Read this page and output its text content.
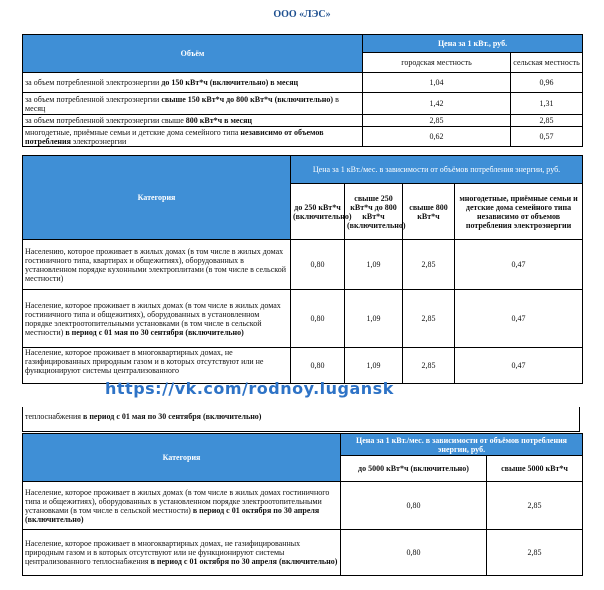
ООО «ЛЭС»
Объём	Цена за 1 кВт., руб.	
	городская местность	сельская местность
за объем потребленной электроэнергии до 150 кВт*ч (включительно) в месяц	1,04	0,96
за объем потребленной электроэнергии свыше 150 кВт*ч до 800 кВт*ч (включительно) в месяц	1,42	1,31
за объем потребленной электроэнергии свыше 800 кВт*ч в месяц	2,85	2,85
многодетные, приёмные семьи и детские дома семейного типа независимо от объемов потребления электроэнергии	0,62	0,57
Категория	Цена за 1 кВт./мес. в зависимости от объёмов потребления энергии, руб.			
	до 250 кВт*ч (включительно)	свыше 250 кВт*ч до 800 кВт*ч (включительно)	свыше 800 кВт*ч	многодетные, приёмные семьи и детские дома семейного типа независимо от объемов потребления электроэнергии
Населению, которое проживает в жилых домах (в том числе в жилых домах гостиничного типа, квартирах и общежитиях), оборудованных в установленном порядке кухонными электроплитами (в том числе в сельской местности)	0,80	1,09	2,85	0,47
Население, которое проживает в жилых домах (в том числе в жилых домах гостиничного типа и общежитиях), оборудованных в установленном порядке электроотопительными установками (в том числе в сельской местности) в период с 01 мая по 30 сентября (включительно)	0,80	1,09	2,85	0,47
Население, которое проживает в многоквартирных домах, не газифицированных природным газом и в которых отсутствуют или не функционируют системы централизованного	0,80	1,09	2,85	0,47
https://vk.com/rodnoy.lugansk
теплоснабжения в период с 01 мая по 30 сентября (включительно)
Категория	Цена за 1 кВт./мес. в зависимости от объёмов потребления энергии, руб.	
	до 5000 кВт*ч (включительно)	свыше 5000 кВт*ч
Население, которое проживает в жилых домах (в том числе в жилых домах гостиничного типа и общежитиях), оборудованных в установленном порядке электроотопительными установками (в том числе в сельской местности) в период с 01 октября по 30 апреля (включительно)	0,80	2,85
Население, которое проживает в многоквартирных домах, не газифицированных природным газом и в которых отсутствуют или не функционируют системы централизованного теплоснабжения в период с 01 октября по 30 апреля (включительно)	0,80	2,85
